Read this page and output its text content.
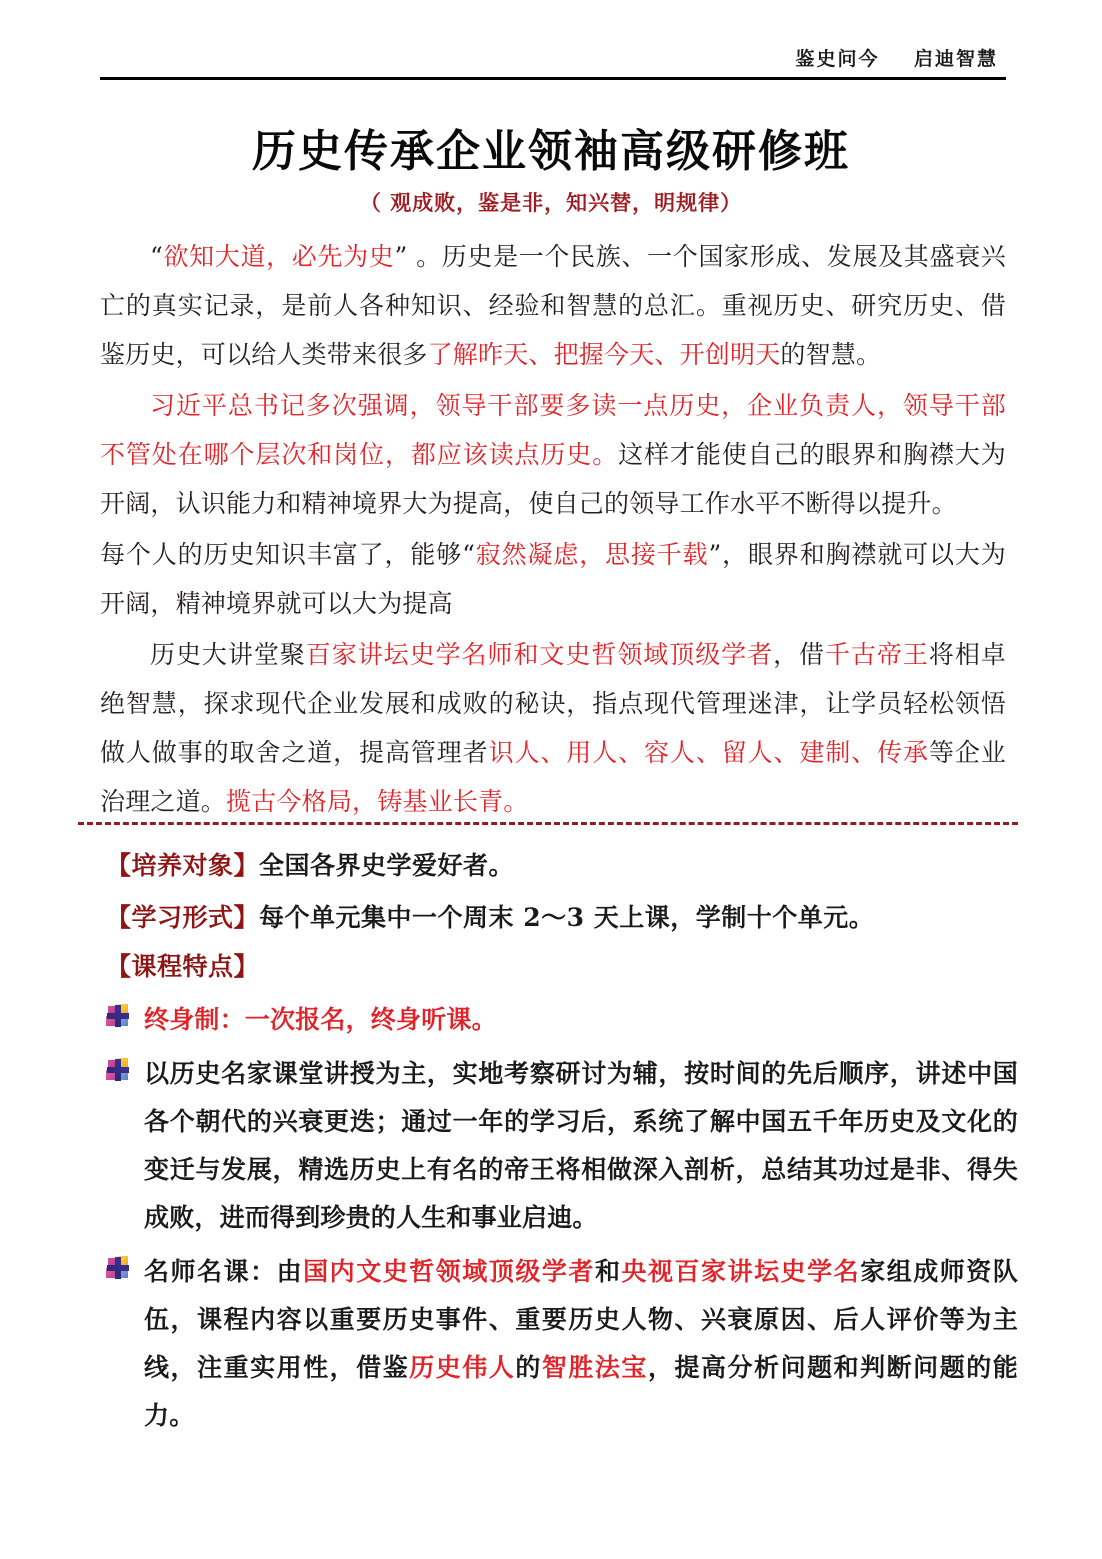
鉴史问今    启迪智慧
历史传承企业领袖高级研修班
（ 观成败，鉴是非，知兴替，明规律）

“欲知大道，必先为史” 。历史是一个民族、一个国家形成、发展及其盛衰兴亡的真实记录，是前人各种知识、经验和智慧的总汇。重视历史、研究历史、借鉴历史，可以给人类带来很多了解昨天、把握今天、开创明天的智慧。

习近平总书记多次强调，领导干部要多读一点历史，企业负责人，领导干部不管处在哪个层次和岗位，都应该读点历史。这样才能使自己的眼界和胸襟大为开阔，认识能力和精神境界大为提高，使自己的领导工作水平不断得以提升。

每个人的历史知识丰富了，能够“寂然凝虑，思接千载”，眼界和胸襟就可以大为开阔，精神境界就可以大为提高

历史大讲堂聚百家讲坛史学名师和文史哲领域顶级学者，借千古帝王将相卓绝智慧，探求现代企业发展和成败的秘诀，指点现代管理迷津，让学员轻松领悟做人做事的取舍之道，提高管理者识人、用人、容人、留人、建制、传承等企业治理之道。揽古今格局，铸基业长青。

【培养对象】全国各界史学爱好者。
【学习形式】每个单元集中一个周末 2～3 天上课，学制十个单元。
【课程特点】
终身制：一次报名，终身听课。
以历史名家课堂讲授为主，实地考察研讨为辅，按时间的先后顺序，讲述中国各个朝代的兴衰更迭；通过一年的学习后，系统了解中国五千年历史及文化的变迁与发展，精选历史上有名的帝王将相做深入剖析，总结其功过是非、得失成败，进而得到珍贵的人生和事业启迪。
名师名课：由国内文史哲领域顶级学者和央视百家讲坛史学名家组成师资队伍，课程内容以重要历史事件、重要历史人物、兴衰原因、后人评价等为主线，注重实用性，借鉴历史伟人的智胜法宝，提高分析问题和判断问题的能力。
